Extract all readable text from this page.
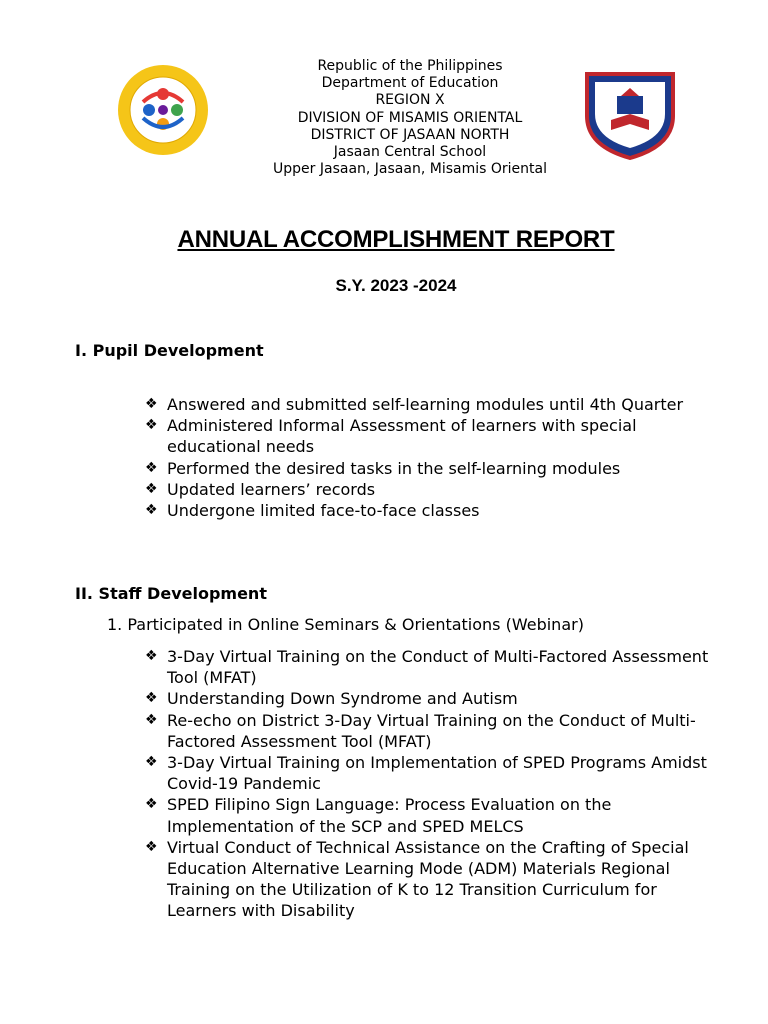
Republic of the Philippines
Department of Education
REGION X
DIVISION OF MISAMIS ORIENTAL
DISTRICT OF JASAAN NORTH
Jasaan Central School
Upper Jasaan, Jasaan, Misamis Oriental
ANNUAL ACCOMPLISHMENT REPORT
S.Y. 2023 -2024
I. Pupil Development
❖ Answered and submitted self-learning modules until 4th Quarter
❖ Administered Informal Assessment of learners with special educational needs
❖ Performed the desired tasks in the self-learning modules
❖ Updated learners’ records
❖ Undergone limited face-to-face classes
II. Staff Development
1. Participated in Online Seminars & Orientations (Webinar)
❖ 3-Day Virtual Training on the Conduct of Multi-Factored Assessment Tool (MFAT)
❖ Understanding Down Syndrome and Autism
❖ Re-echo on District 3-Day Virtual Training on the Conduct of Multi-Factored Assessment Tool (MFAT)
❖ 3-Day Virtual Training on Implementation of SPED Programs Amidst Covid-19 Pandemic
❖ SPED Filipino Sign Language: Process Evaluation on the Implementation of the SCP and SPED MELCS
❖ Virtual Conduct of Technical Assistance on the Crafting of Special Education Alternative Learning Mode (ADM) Materials Regional Training on the Utilization of K to 12 Transition Curriculum for Learners with Disability
